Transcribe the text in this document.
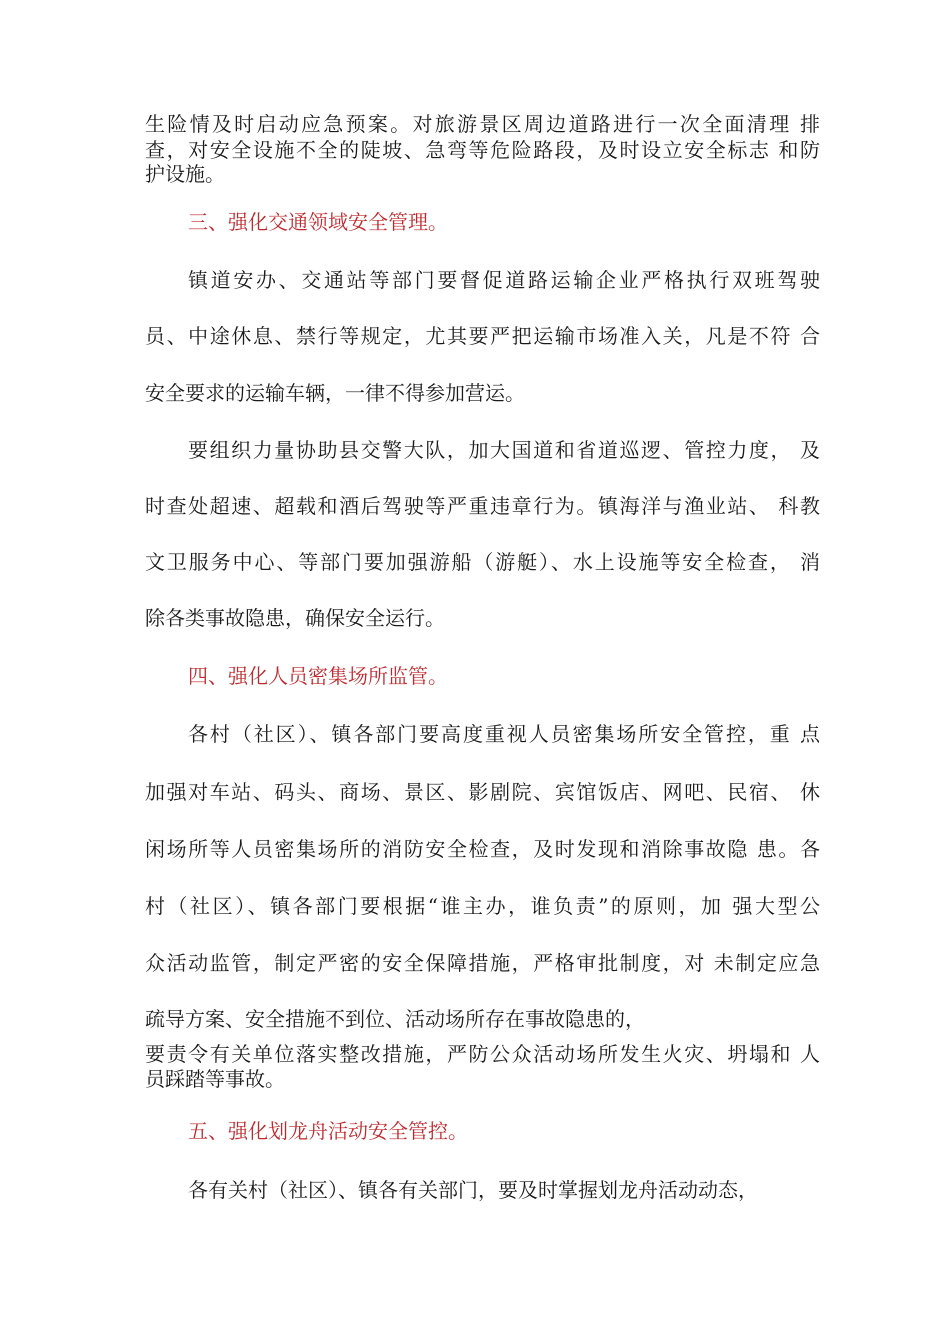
生险情及时启动应急预案。对旅游景区周边道路进行一次全面清理 排
查，对安全设施不全的陡坡、急弯等危险路段，及时设立安全标志 和防
护设施。
三、强化交通领域安全管理。
镇道安办、交通站等部门要督促道路运输企业严格执行双班驾驶
员、中途休息、禁行等规定，尤其要严把运输市场准入关，凡是不符 合
安全要求的运输车辆，一律不得参加营运。
要组织力量协助县交警大队，加大国道和省道巡逻、管控力度， 及
时查处超速、超载和酒后驾驶等严重违章行为。镇海洋与渔业站、 科教
文卫服务中心、等部门要加强游船（游艇）、水上设施等安全检查， 消
除各类事故隐患，确保安全运行。
四、强化人员密集场所监管。
各村（社区）、镇各部门要高度重视人员密集场所安全管控，重 点
加强对车站、码头、商场、景区、影剧院、宾馆饭店、网吧、民宿、 休
闲场所等人员密集场所的消防安全检查，及时发现和消除事故隐 患。各
村（社区）、镇各部门要根据“谁主办，谁负责”的原则，加 强大型公
众活动监管，制定严密的安全保障措施，严格审批制度，对 未制定应急
疏导方案、安全措施不到位、活动场所存在事故隐患的，
要责令有关单位落实整改措施，严防公众活动场所发生火灾、坍塌和 人
员踩踏等事故。
五、强化划龙舟活动安全管控。
各有关村（社区）、镇各有关部门，要及时掌握划龙舟活动动态，
